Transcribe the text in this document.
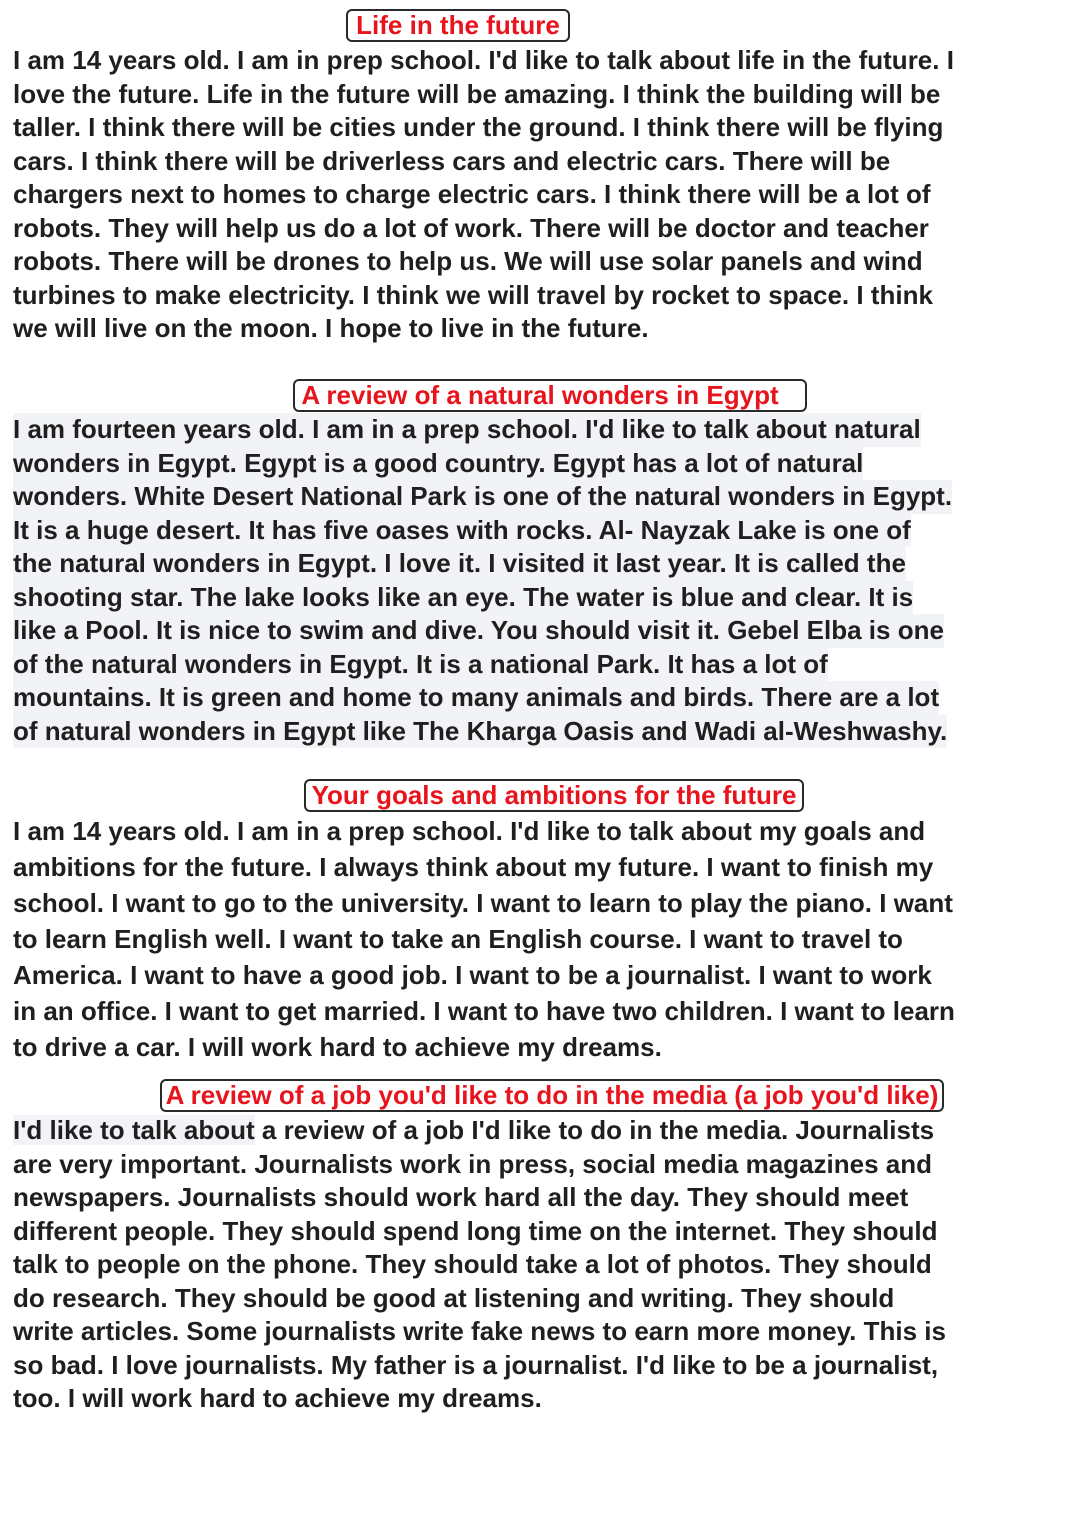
Life in the future

I am 14 years old. I am in prep school. I'd like to talk about life in the future. I
love the future. Life in the future will be amazing. I think the building will be
taller. I think there will be cities under the ground. I think there will be flying
cars. I think there will be driverless cars and electric cars. There will be
chargers next to homes to charge electric cars. I think there will be a lot of
robots. They will help us do a lot of work. There will be doctor and teacher
robots. There will be drones to help us. We will use solar panels and wind
turbines to make electricity. I think we will travel by rocket to space. I think
we will live on the moon. I hope to live in the future.

A review of a natural wonders in Egypt

I am fourteen years old. I am in a prep school. I'd like to talk about natural
wonders in Egypt. Egypt is a good country. Egypt has a lot of natural
wonders. White Desert National Park is one of the natural wonders in Egypt.
It is a huge desert. It has five oases with rocks. Al- Nayzak Lake is one of
the natural wonders in Egypt. I love it. I visited it last year. It is called the
shooting star. The lake looks like an eye. The water is blue and clear. It is
like a Pool. It is nice to swim and dive. You should visit it. Gebel Elba is one
of the natural wonders in Egypt. It is a national Park. It has a lot of
mountains. It is green and home to many animals and birds. There are a lot
of natural wonders in Egypt like The Kharga Oasis and Wadi al-Weshwashy.

Your goals and ambitions for the future

I am 14 years old. I am in a prep school. I'd like to talk about my goals and
ambitions for the future. I always think about my future. I want to finish my
school. I want to go to the university. I want to learn to play the piano. I want
to learn English well. I want to take an English course. I want to travel to
America. I want to have a good job. I want to be a journalist. I want to work
in an office. I want to get married. I want to have two children. I want to learn
to drive a car. I will work hard to achieve my dreams.

A review of a job you'd like to do in the media (a job you'd like)

I'd like to talk about a review of a job I'd like to do in the media. Journalists
are very important. Journalists work in press, social media magazines and
newspapers. Journalists should work hard all the day. They should meet
different people. They should spend long time on the internet. They should
talk to people on the phone. They should take a lot of photos. They should
do research. They should be good at listening and writing. They should
write articles. Some journalists write fake news to earn more money. This is
so bad. I love journalists. My father is a journalist. I'd like to be a journalist,
too. I will work hard to achieve my dreams.
